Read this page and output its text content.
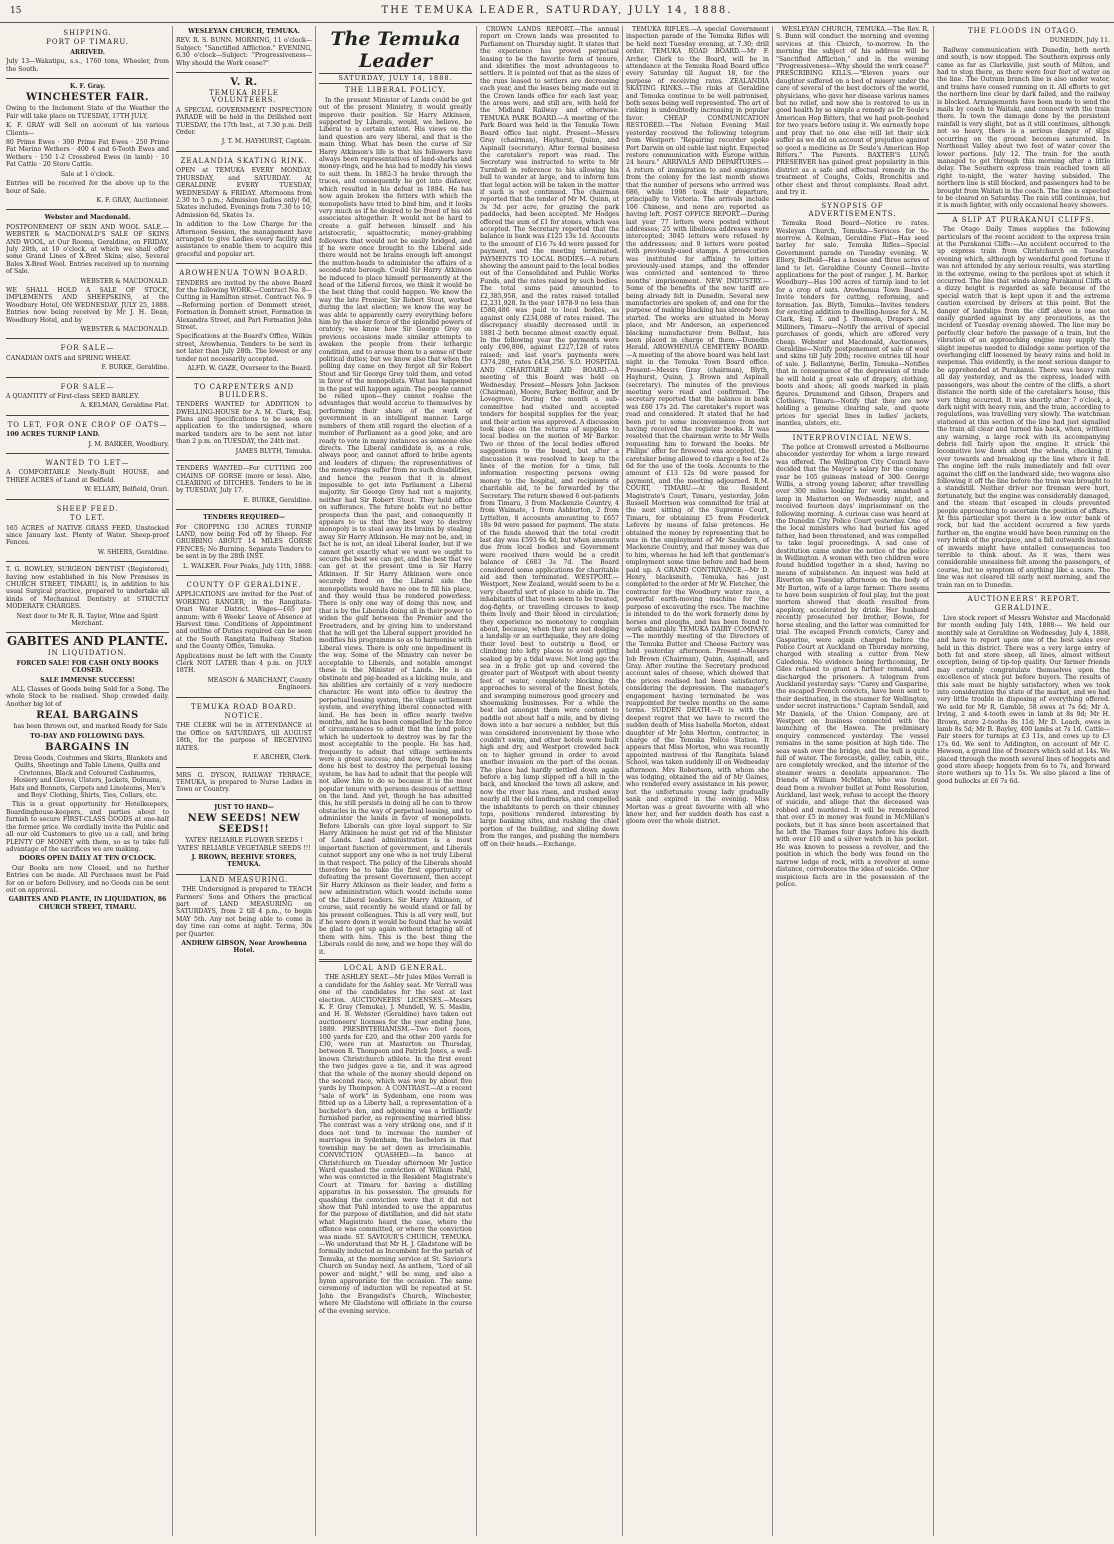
15	THE TEMUKA LEADER, SATURDAY, JULY 14, 1888.

SHIPPING.

PORT OF TIMARU.

ARRIVED.

July 13—Wakatipu, s.s., 1760 tons, Wheeler, from the South.

K. F. Gray.

WINCHESTER FAIR.

Owing to the Inclement State of the Weather the Fair will take place on TUESDAY, 17TH JULY,

K. F. GRAY will Sell on account of his various Clients—

80 Prime Ewes · 300 Prime Fat Ewes · 250 Prime Fat Merino Wethers · 400 4 and 6-Tooth Ewes and Wethers · 150 1-2 Crossbred Ewes (in lamb) · 10 Fat Cattle · 20 Store Cattle.

Sale at 1 o'clock.

Entries will be received for the above up to the hour of Sale.

K. F. GRAY, Auctioneer.

Webster and Macdonald.

POSTPONEMENT OF SKIN AND WOOL SALE.—WEBSTER & MACDONALD'S SALE OF SKINS AND WOOL, at Our Rooms, Geraldine, on FRIDAY, July 20th, at 10 o'clock, at which we shall offer some Grand Lines of X-Bred Skins; also, Several Bales X-Bred Wool. Entries received up to morning of Sale.

WEBSTER & MACDONALD.

WE SHALL HOLD A SALE OF STOCK, IMPLEMENTS AND SHEEPSKINS, at the Woodbury Hotel, ON WEDNESDAY, JULY 25, 1888. Entries now being received by Mr J. H. Dean, Woodbury Hotel, and by

WEBSTER & MACDONALD.

FOR SALE—

CANADIAN OATS and SPRING WHEAT.

F. BURKE, Geraldine.

FOR SALE—

A QUANTITY of First-class SEED BARLEY.

A. KELMAN, Geraldine Flat.

TO LET, FOR ONE CROP OF OATS—

100 ACRES TURNIP LAND.

J. M. BARKER, Woodbury.

WANTED TO LET—

A COMFORTABLE Newly-Built HOUSE, and THREE ACRES of Land at Belfield.

W. ELLARY, Belfield, Orari.

SHEEP FEED.

TO LET.

165 ACRES of NATIVE GRASS FEED, Unstocked since January last. Plenty of Water. Sheep-proof Fences.

W. SHIERS, Geraldine.

T. G. ROWLEY, SURGEON DENTIST (Registered), having now established in his New Premises in CHURCH STREET, TIMARU, is, in addition to his usual Surgical practice, prepared to undertake all kinds of Mechanical Dentistry at STRICTLY MODERATE CHARGES.

Next door to Mr R. R. Taylor, Wine and Spirit Merchant.

GABITES AND PLANTE.

IN LIQUIDATION.

FORCED SALE! FOR CASH ONLY BOOKS CLOSED.

SALE IMMENSE SUCCESS!

ALL Classes of Goods being Sold for a Song. The whole Stock to be realised. Shop crowded daily. Another big lot of

REAL BARGAINS

has been thrown out, and marked Ready for Sale

TO-DAY AND FOLLOWING DAYS.

BARGAINS IN

Dress Goods, Costumes and Skirts, Blankets and Quilts, Sheetings and Table Linens, Quilts and Cretonnes, Black and Coloured Cashmeres, Hosiery and Gloves, Ulsters, Jackets, Dolmans, Hats and Bonnets, Carpets and Linoleums, Men's and Boys' Clothing, Shirts, Ties, Collars, etc.

This is a great opportunity for Hotelkeepers, Boardinghouse-keepers, and parties about to furnish to secure FIRST-CLASS GOODS at one-half the former price. We cordially invite the Public and all our old Customers to give us a call, and bring PLENTY OF MONEY with them, so as to take full advantage of the sacrifices we are making.

DOORS OPEN DAILY AT TEN O'CLOCK.

Our Books are now Closed, and no further Entries can be made. All Purchases must be Paid for on or before Delivery, and no Goods can be sent out on approval.

GABITES AND PLANTE, IN LIQUIDATION, 86 CHURCH STREET, TIMARU.

WESLEYAN CHURCH, TEMUKA.

REV. R. S. BUNN. MORNING, 11 o'clock—Subject: "Sanctified Affliction." EVENING, 6.30 o'clock—Subject: "Progressiveness—Why should the Work cease?"

V. R.

TEMUKA RIFLE VOLUNTEERS.

A SPECIAL GOVERNMENT INSPECTION PARADE will be held in the Drillshed next TUESDAY, the 17th Inst., at 7.30 p.m. Drill Order.

J. T. M. HAYHURST, Captain.

ZEALANDIA SKATING RINK.

OPEN at TEMUKA EVERY MONDAY, THURSDAY, and SATURDAY. At GERALDINE EVERY TUESDAY, WEDNESDAY & FRIDAY. Afternoons from 2.30 to 5 p.m.; Admission (ladies only) 6d, Skates included. Evenings from 7.30 to 10; Admission 6d, Skates 1s.

In addition to the Low Charge for the Afternoon Session, the management have arranged to give Ladies every facility and assistance to enable them to acquire this graceful and popular art.

AROWHENUA TOWN BOARD.

TENDERS are invited by the above Board for the following WORK:—Contract No. 8—Cutting in Hamilton street. Contract No. 9—Reforming portion of Dommett street, Formation in Domnett street, Formation in Alexandra Street, and Part Formation John Street.

Specifications at the Board's Office, Wilkin street, Arowhenua. Tenders to be sent in not later than July 28th. The lowest or any tender not necessarily accepted.

ALFD. W. GAZE, Overseer to the Board.

TO CARPENTERS AND BUILDERS.

TENDERS WANTED for ADDITION to DWELLING-HOUSE for A. M. Clark, Esq. Plans and Specifications to be seen on application to the undersigned, where marked tenders are to be sent not later than 2 p.m. on TUESDAY, the 24th inst.

JAMES BLYTH, Temuka.

TENDERS WANTED—For CUTTING 200 CHAINS OF GORSE (more or less). Also, CLEARING of DITCHES. Tenders to be in by TUESDAY, July 17.

E. BURKE, Geraldine.

TENDERS REQUIRED—

For CROPPING 130 ACRES TURNIP LAND, now being Fed off by Sheep. For GRUBBING ABOUT 14 MILES GORSE FENCES; No Burning. Separate Tenders to be sent in by the 28th INST.

L. WALKER. Four Peaks, July 11th, 1888.

COUNTY OF GERALDINE.

APPLICATIONS are invited for the Post of WORKING RANGER, in the Rangitata-Orari Water District. Wages—£65 per annum; with 6 Weeks' Leave of Absence at Harvest time. Conditions of Appointment and outline of Duties required can be seen at the South Rangitata Railway Station and the County Office, Temuka.

Applications must be left with the County Clerk NOT LATER than 4 p.m. on JULY 18TH.

MEASON & MARCHANT, County Engineers.

TEMUKA ROAD BOARD.

NOTICE.

THE CLERK will be in ATTENDANCE at the Office on SATURDAYS, till AUGUST 18th, for the purpose of RECEIVING RATES.

F. ARCHER, Clerk.

MRS G. DYSON, RAILWAY TERRACE, TEMUKA, is prepared to Nurse Ladies in Town or Country.

JUST TO HAND—

NEW SEEDS! NEW SEEDS!!

YATES' RELIABLE FLOWER SEEDS ! YATES' RELIABLE VEGETABLE SEEDS !!!

J. BROWN, BEEHIVE STORES, TEMUKA.

LAND MEASURING.

THE Undersigned is prepared to TEACH Farmers' Sons and Others the practical part of LAND MEASURING on SATURDAYS, from 2 till 4 p.m., to begin MAY 5th. Any not being able to come in day time can come at night. Terms, 30s per Quarter.

ANDREW GIBSON, Near Arowhenua Hotel.

The Temuka Leader
SATURDAY, JULY 14, 1888.

THE LIBERAL POLICY.

In the present Minister of Lands could be got out of the present Ministry, it would greatly improve their position. Sir Harry Atkinson, supported by Liberals, would, we believe, be Liberal to a certain extent. His views on the land question are very liberal, and that is the main thing. What has been the curse of Sir Harry Atkinson's life is that his followers have always been representatives of land-sharks and money-rings, and he has had to modify his views to suit them. In 1882-3 he broke through the traces, and consequently he got into disfavor, which resulted in his defeat in 1884. He has now again broken the fetters with which the monopolists have tried to bind him, and it looks very much as if he desired to be freed of his old associates altogether. It would not be hard to create a gulf between himself and his aristocratic, squattocratic, money-grabbing followers that would not be easily bridged, and if he were once brought to the Liberal side there would not be brains enough left amongst the mutton-heads to administer the affairs of a second-rate borough. Could Sir Harry Atkinson be induced to place himself permanently at the head of the Liberal forces, we think it would be the best thing that could happen. We know the way the late Premier, Sir Robert Stout, worked during the last election; we know the way he was able to apparently carry everything before him by the sheer force of the splendid powers of oratory; we know how Sir George Grey on previous occasions made similar attempts to awaken the people from their lethargic condition, and to arouse them to a sense of their political duties; but we know also that when the polling day came on they forgot all Sir Robert Stout and Sir George Grey told them, and voted in favor of the monopolists. What has happened in the past will happen again. The people cannot be relied upon—they cannot realise the advantages that would accrue to themselves by performing their share of the work of government in an intelligent manner. Large numbers of them still regard the election of a member of Parliament as a good joke, and are ready to vote in many instances as someone else directs. The Liberal candidate is, as a rule, always poor, and cannot afford to bribe agents and leaders of cliques; the representatives of the money-rings suffer from no such disabilities, and hence the reason that it is almost impossible to get into Parliament a Liberal majority. Sir George Grey had not a majority, neither had Sir Robert Stout. They held office on sufferance. The future holds out no better prospects than the past, and consequently it appears to us that the best way to destroy monopoly is to steal away its brains by stealing away Sir Harry Atkinson. He may not be, and, in fact he is not, an ideal Liberal leader, but if we cannot get exactly what we want we ought to secure the best we can get, and the best that we can get at the present time is Sir Harry Atkinson. If Sir Harry Atkinson were once securely fixed on the Liberal side the monopolists would have no one to fill his place, and they would thus be rendered powerless. There is only one way of doing this now, and that is by the Liberals doing all in their power to widen the gulf between the Premier and the Freetraders, and by giving him to understand that he will get the Liberal support provided he modifies his programme so as to harmonise with Liberal views. There is only one impediment in the way. Some of the Ministry can never be acceptable to Liberals, and notable amongst these is the Minister of Lands. He is as obstinate and pig-headed as a kicking mule, and his abilities are certainly of a very mediocre character. He went into office to destroy the perpetual leasing system, the village settlement system, and everything liberal connected with land. He has been in office nearly twelve months, and he has been compelled by the force of circumstances to admit that the land policy which he undertook to destroy was by far the most acceptable to the people. He has had, frequently to admit that village settlements were a great success; and now, though he has done his best to destroy the perpetual leasing system, he has had to admit that the people will not allow him to do so because it is the most popular tenure with persons desirous of settling on the land. And yet, though he has admitted this, he still persists in doing all he can to throw obstacles in the way of perpetual leasing, and to administer the lands in favor of monopolists. Before Liberals can give loyal support to Sir Harry Atkinson he must get rid of the Minister of Lands. Land administration is a most important function of government, and Liberals cannot support any one who is not truly Liberal in that respect. The policy of the Liberals should therefore be to take the first opportunity of defeating the present Government, then accept Sir Harry Atkinson as their leader, and form a new administration which would include some of the Liberal leaders. Sir Harry Atkinson, of course, said recently he would stand or fall by his present colleagues. This is all very well, but if he were down it would be found that he would be glad to get up again without bringing all of them with him. This is the best thing the Liberals could do now, and we hope they will do it.

LOCAL AND GENERAL.

THE ASHLEY SEAT.—Mr Jules Miles Verrall is a candidate for the Ashley seat. Mr Verrall was one of the candidates for the seat at last election. AUCTIONEERS' LICENSES.—Messrs K. F. Gray (Temuka), J. Mundell, W. S. Maslin, and H. B. Webster (Geraldine) have taken out auctioneers' licenses for the year ending June, 1889. PRESBYTERIANISM.—Two foot races, 100 yards for £20, and the other 200 yards for £30, were run at Masterton on Thursday, between R. Thompson and Patrick Jones, a well-known Christchurch athlete. In the first event the two judges gave a tie, and it was agreed that the whole of the money should depend on the second race, which was won by about five yards by Thompson. A CONTRAST.—At a recent "sale of work" in Sydenham, one room was fitted up as a Liberty hall, a representation of a bachelor's den, and adjoining was a brilliantly furnished parlor, as representing married bliss. The contrast was a very striking one, and if it does not tend to increase the number of marriages in Sydenham, the bachelors in that township may be set down as irreclaimable. CONVICTION QUASHED.—In banco at Christchurch on Tuesday afternoon Mr Justice Ward quashed the conviction of William Pahl, who was convicted in the Resident Magistrate's Court at Timaru for having a distilling apparatus in his possession. The grounds for quashing the conviction were that it did not show that Pahl intended to use the apparatus for the purpose of distillation, and did not state what Magistrate heard the case, where the offence was committed, or where the conviction was made. ST. SAVIOUR'S CHURCH, TEMUKA.—We understand that Mr H. J. Gladstone will be formally inducted as Incumbent for the parish of Temuka, at the morning service at St. Saviour's Church on Sunday next. As anthem, "Lord of all power and might," will be sung, and also a hymn appropriate for the occasion. The same ceremony of induction will be repeated at St. John the Evangelist's Church, Winchester, where Mr Gladstone will officiate in the course of the evening service.

CROWN LANDS REPORT.—The annual report on Crown lands was presented to Parliament on Thursday night. It states that the experience has proved perpetual leasing to be the favorite form of tenure, and identifies the most advantageous to settlers. It is pointed out that as the sizes of the runs leased to settlers are decreasing each year, and the leases being made out in the Crown lands office for each last year, the areas were, and still are, with held for the Midland Railway and otherwise. TEMUKA PARK BOARD.—A meeting of the Park Board was held in the Temuka Town Board office last night. Present—Messrs Gray (chairman), Hayhurst, Quinn, and Aspinall (secretary). After formal business the caretaker's report was read. The Secretary was instructed to write to Mr Turnbull in reference to his allowing his bull to wander at large, and to inform him that legal action will be taken in the matter if such is not continued. The chairman reported that the tender of Mr M. Quinn, at 3s 3d per acre, for grazing the park paddocks, had been accepted. Mr Hodges offered the sum of £1 for stones, which was accepted. The Secretary reported that the balance in bank was £125 13s 1d. Accounts to the amount of £16 7s 4d were passed for payment, and the meeting terminated. PAYMENTS TO LOCAL BODIES.—A return showing the amount paid to the local bodies out of the Consolidated and Public Works Funds, and the rates raised by such bodies. The total sums paid amounted to £2,385,958, and the rates raised totalled £2,231,928. In the year 1878-9 no less than £580,486 was paid to local bodies, as against only £234,088 of rates raised. The discrepancy steadily decreased until in 1881-2 both became almost exactly equal. In the following year the payments were only £96,806, against £227,128 of rates raised; and last year's payments were £374,280, rates £434,256. S.O. HOSPITAL AND CHARITABLE AID BOARD.—A meeting of this Board was held on Wednesday. Present—Messrs John Jackson (Chairman), Moore, Barker, Belfour, and Dr Lovegrove. During the month a sub-committee had visited and accepted tenders for hospital supplies for the year, and their action was approved. A discussion took place on the returns of supplies to local bodies on the motion of Mr Barker. Two or three of the local bodies offered suggestions to the board, but after a discussion it was resolved to keep to the lines of the motion for a time, full information respecting persons owing money to the hospital, and recipients of charitable aid, to be forwarded by the Secretary. The return showed 6 out-patients from Timaru, 3 from Mackenzie Country, 4 from Waimate, 1 from Ashburton, 2 from Lyttelton, 8 accounts amounting to £657 18s 9d were passed for payment. The state of the funds showed that the total credit last day was £593 6s 4d, but when amounts due from local bodies and Government were received there would be a credit balance of £683 3s 7d. The Board considered some applications for charitable aid and then terminated. WESTPORT.—Westport, New Zealand, would seem to be a very cheerful sort of place to abide in. The inhabitants of that town seem to be treated, dog-fights, or travelling circuses to keep them lively and their blood in circulation; they experience no monotony to complain about, because, when they are not dodging a landslip or an earthquake, they are doing their level best to outstrip a flood, or climbing into lofty places to avoid getting soaked up by a tidal wave. Not long ago the sea in a frolic got up and covered the greater part of Westport with about twenty feet of water, completely blocking the approaches to several of the finest hotels, and swamping numerous good grocery and shoemaking businesses. For a while the best lad amongst them were content to paddle out about half a mile, and by diving down into a bar secure a nobbler, but this was considered inconvenient by those who couldn't swim, and other hotels were built high and dry, and Westport crowded back on to higher ground in order to avoid another invasion on the part of the ocean. The place had hardly settled down again before a big lump slipped off a hill in the back, and knocked the town all askew, and now the river has risen, and rushed away nearly all the old landmarks, and compelled the inhabitants to perch on their chimney tops, positions rendered interesting by large banking sites, and rushing the chief portion of the building, and sliding down from the ranges, and pushing the members off on their heads.—Exchange.

TEMUKA RIFLES.—A special Government inspection parade of the Temuka Rifles will be held next Tuesday evening, at 7.30; drill order. TEMUKA ROAD BOARD.—Mr F. Archer, Clerk to the Board, will be in attendance at the Temuka Road Board office every Saturday till August 18, for the purpose of receiving rates. ZEALANDIA SKATING RINKS.—The rinks at Geraldine and Temuka continue to be well patronised, both sexes being well represented. The art of rinking is undoubtedly increasing in popular favor. CHEAP COMMUNICATION RESTORED.—The Nelson Evening Mail yesterday received the following telegram from Westport: "Repairing recorder spoke Port Darwin on old cable last night. Expected restore communication with Europe within 24 hours." ARRIVALS AND DEPARTURES.—A return of immigration to and emigration from the colony for the last month shows that the number of persons who arrived was 686, while 1998 took their departure, principally to Victoria. The arrivals include 106 Chinese, and none are reported as having left. POST OFFICE REPORT.—During last year 77 letters were posted without addresses; 25 with libellous addresses were intercepted; 3045 letters were refused by the addressees; and 9 letters were posted with previously-used stamps. A prosecution was instituted for affixing to letters previously-used stamps, and the offender was convicted and sentenced to three months' imprisonment. NEW INDUSTRY.—Some of the benefits of the new tariff are being already felt in Dunedin. Several new manufactories are spoken of, and one for the purpose of making blacking has already been started. The works are situated in Moray place, and Mr Anderson, an experienced blacking manufacturer from Belfast, has been placed in charge of them.—Dunedin Herald. AROWHENUA CEMETERY BOARD.—A meeting of the above board was held last night in the Temuka Town Board office. Present—Messrs Gray (chairman), Blyth, Hayhurst, Quinn, J. Brown and Aspinall (secretary). The minutes of the previous meeting were read and confirmed. The secretary reported that the balance in bank was £60 17s 2d. The caretaker's report was read and considered. It stated that he had been put to some inconvenience from not having received the register books. It was resolved that the chairman write to Mr Wells requesting him to forward the books. Mr Philips' offer for firewood was accepted, the caretaker being allowed to charge a fee of 2s 6d for the use of the tools. Accounts to the amount of £13 12s 0d were passed for payment, and the meeting adjourned. R.M. COURT, TIMARU.—At the Resident Magistrate's Court, Timaru, yesterday, John Russell Morrison was committed for trial at the next sitting of the Supreme Court, Timaru, for obtaining £5 from Frederick Lefevre by means of false pretences. He obtained the money by representing that he was in the employment of Mr Saunders, of Mackenzie Country, and that money was due to him, whereas he had left that gentleman's employment some time before and had been paid up. A GRAND CONTRIVANCE.—Mr D. Henry, blacksmith, Temuka, has just completed to the order of Mr W. Fletcher, the contractor for the Woodbury water race, a powerful earth-moving machine for the purpose of excavating the race. The machine is intended to do the work formerly done by horses and ploughs, and has been found to work admirably. TEMUKA DAIRY COMPANY.—The monthly meeting of the Directors of the Temuka Butter and Cheese Factory was held yesterday afternoon. Present—Messrs Job Brown (Chairman), Quinn, Aspinall, and Gray. After routine the Secretary produced account sales of cheese, which showed that the prices realised had been satisfactory, considering the depression. The manager's engagement having terminated he was reappointed for twelve months on the same terms. SUDDEN DEATH.—It is with the deepest regret that we have to record the sudden death of Miss Isabella Morton, eldest daughter of Mr John Morton, contractor, in charge of the Temuka Police Station. It appears that Miss Morton, who was recently appointed mistress of the Rangitata Island School, was taken suddenly ill on Wednesday afternoon. Mrs Robertson, with whom she was lodging, obtained the aid of Mr Gaines, who rendered every assistance in his power, but the unfortunate young lady gradually sank and expired in the evening. Miss Morton was a great favourite with all who knew her, and her sudden death has cast a gloom over the whole district.

WESLEYAN CHURCH, TEMUKA.—The Rev. R. S. Bunn will conduct the morning and evening services at this Church, to-morrow. In the morning the subject of his address will be "Sanctified Affliction," and in the evening "Progressiveness—Why should the work cease?" PRESCRIBING KILLS.—"Eleven years our daughter suffered on a bed of misery under the care of several of the best doctors of the world, physicians, who gave her disease various names but no relief, and now she is restored to us in good health by so simple a remedy as Dr Soule's American Hop Bitters, that we had pooh-poohed for two years before using it. We earnestly hope and pray that no one else will let their sick suffer as we did on account of prejudice against so good a medicine as Dr Soule's American Hop Bitters." The Parents. BAXTER'S LUNG PRESERVER has gained great popularity in this district as a safe and effectual remedy in the treatment of Coughs, Colds, Bronchitis and other chest and throat complaints. Read advt. and try it.

SYNOPSIS OF ADVERTISEMENTS.

Temuka Road Board—Notice re rates. Wesleyan Church, Temuka—Services for to-morrow. A. Kelman, Geraldine Flat—Has seed barley for sale. Temuka Rifles—Special Government parade on Tuesday evening. W. Ellery, Belfield—Has a house and three acres of land to let. Geraldine County Council—Invite applications for the post of ranger. J. M. Barker, Woodbury—Has 100 acres of turnip land to let for a crop of oats. Arowhenua Town Board—Invite tenders for cutting, reforming, and formation. Jas. Blyth, Temuka—Invites tenders for erecting addition to dwelling-house for A. M. Clark, Esq. T. and J. Thomson, Drapers and Milliners, Timaru—Notify the arrival of special purchases of goods, which are offered very cheap. Webster and Macdonald, Auctioneers, Geraldine—Notify postponement of sale of wool and skins till July 20th; receive entries till hour of sale. J. Ballantyne, Berlin, Temuka—Notifies that in consequence of the depression of trade he will hold a great sale of drapery, clothing, boots and shoes; all goods marked in plain figures. Drummond and Gibson, Drapers and Clothiers, Timaru—Notify that they are now holding a genuine clearing sale, and quote prices for special lines in ladies' jackets, mantles, ulsters, etc.

INTERPROVINCIAL NEWS.

The police at Cromwell arrested a Melbourne absconder yesterday for whom a large reward was offered. The Wellington City Council have decided that the Mayor's salary for the coming year be 105 guineas instead of 300. George Willis, a strong young laborer, after travelling over 300 miles looking for work, smashed a lamp in Masterton on Wednesday night, and received fourteen days' imprisonment on the following morning. A curious case was heard at the Dunedin City Police Court yesterday. One of the local ministers who had buried his aged father, had been threatened, and was compelled to take legal proceedings. A sad case of destitution came under the notice of the police in Wellington. A woman with two children were found huddled together in a shed, having no means of subsistence. An inquest was held at Riverton on Tuesday afternoon on the body of Mr Burton, wife of a large farmer. There seems to have been suspicion of foul play, but the post mortem showed that death resulted from apoplexy, accelerated by drink. Her husband recently prosecuted her brother, Bowie, for horse stealing, and the latter was committed for trial. The escaped French convicts, Carey and Gasparine, were again charged before the Police Court at Auckland on Thursday morning, charged with stealing a cutter from New Caledonia. No evidence being forthcoming, Dr Giles refused to grant a further remand, and discharged the prisoners. A telegram from Auckland yesterday says: "Carey and Gasparine, the escaped French convicts, have been sent to their destination, in the steamer for Wellington, under secret instructions." Captain Sendall, and Mr Daniels, of the Union Company, are at Westport on business connected with the launching of the Hawea. The preliminary enquiry commenced yesterday. The vessel remains in the same position at high tide. The seas wash over the bridge, and the hull is quite full of water. The forecastle, galley, cabin, etc., are completely wrecked, and the interior of the steamer wears a desolate appearance. The friends of William McMillan, who was found dead from a revolver bullet at Point Resolution, Auckland, last week, refuse to accept the theory of suicide, and allege that the deceased was robbed and murdered. It will be remembered that over £5 in money was found in McMillan's pockets, but it has since been ascertained that he left the Thames four days before his death with over £10 and a silver watch in his pocket. He was known to possess a revolver, and the position in which the body was found on the narrow ledge of rock, with a revolver at some distance, corroborates the idea of suicide. Other suspicious facts are in the possession of the police.

THE FLOODS IN OTAGO.

DUNEDIN, July 11.

Railway communication with Dunedin, both north and south, is now stopped. The Southern express only came as far as Clarksville, just south of Milton, and had to stop there, as there were four feet of water on the line. The Outram branch line is also under water, and trains have ceased running on it. All efforts to get the northern line clear by dark failed, and the railway is blocked. Arrangements have been made to send the mails by coach to Waitaki, and connect with the train there. In town the damage done by the persistent rainfall is very slight, but as it still continues, although not so heavy, there is a serious danger of slips occurring on the ground becomes saturated. In Northeast Valley about two feet of water cover the lower portions. July 12. The train for the south managed to get through this morning after a little delay. The Southern express train reached town all right to-night, the water having subsided. The northern line is still blocked, and passengers had to be brought from Waitati in the coach. The line is expected to be cleared on Saturday. The rain still continues, but it is much lighter, with only occasional heavy showers.

A SLIP AT PURAKANUI CLIFFS.

The Otago Daily Times supplies the following particulars of the recent accident to the express train at the Purakanui Cliffs:—An accident occurred to the up express train from Christchurch on Tuesday evening which, although by wonderful good fortune it was not attended by any serious results, was startling in the extreme, owing to the perilous spot at which it occurred. The line that winds along Purakanui Cliffs at a dizzy height is regarded as safe because of the special watch that is kept upon it and the extreme caution exercised by drivers at this point. But the danger of landslips from the cliff above is one not easily guarded against by any precautions, as the incident of Tuesday evening showed. The line may be perfectly clear before the passage of a train, but the vibration of an approaching engine may supply the slight impetus needed to dislodge some portion of the overhanging cliff loosened by heavy rains and hold in suspense. This evidently, is the most serious danger to be apprehended at Purakanui. There was heavy rain all day yesterday, and as the express, loaded with passengers, was about the centre of the cliffs, a short distance the north side of the caretaker's house, this very thing occurred. It was shortly after 7 o'clock, a dark night with heavy rain, and the train, according to regulations, was travelling very slowly. The watchman stationed at this section of the line had just signalled the train all clear and turned his back, when, without any warning, a large rock with its accompanying debris fell fairly upon the engine. It struck the locomotive low down about the wheels, checking it over towards and breaking up the line where it fell. The engine left the rails immediately and fell over against the cliff on the landward side, two wagons also following it off the line before the train was brought to a standstill. Neither driver nor fireman were hurt, fortunately, but the engine was considerably damaged, and the steam that escaped in clouds prevented people approaching to ascertain the position of affairs. At this particular spot there is a low outer bank of rock, but had the accident occurred a few yards further on, the engine would have been running on the very brink of the precipice, and a fall outwards instead of inwards might have entailed consequences too terrible to think about. As it was, there was considerable uneasiness felt among the passengers, of course, but no symptom of anything like a scare. The line was not cleared till early next morning, and the train ran on to Dunedin.

AUCTIONEERS' REPORT.

GERALDINE.

Live stock report of Messrs Webster and Macdonald for month ending July 14th, 1888:— We held our monthly sale at Geraldine on Wednesday, July 4, 1888, and have to report upon one of the best sales ever held in this district. There was a very large entry of both fat and store sheep, all lines, almost without exception, being of tip-top quality. Our farmer friends may certainly congratulate themselves upon the excellence of stock put before buyers. The results of this sale must be highly satisfactory, when we took into consideration the state of the market, and we had very little trouble in disposing of everything offered. We sold for Mr R. Gamble, 58 ewes at 7s 6d; Mr A. Irving, 2 and 4-tooth ewes in lamb at 8s 9d; Mr H. Brown, store 2-tooths 8s 11d; Mr D. Leach, ewes in lamb 8s 5d; Mr B. Bayley, 400 lambs at 7s 1d. Cattle—Fair steers for turnips at £3 11s, and cows up to £3 17s 6d. We sent to Addington, on account of Mr C. Hewson, a grand line of freezers which sold at 14s. We placed through the month several lines of hoggets and good store sheep; hoggets from 6s to 7s, and forward store wethers up to 11s 5s. We also placed a line of good bullocks at £6 7s 6d.
